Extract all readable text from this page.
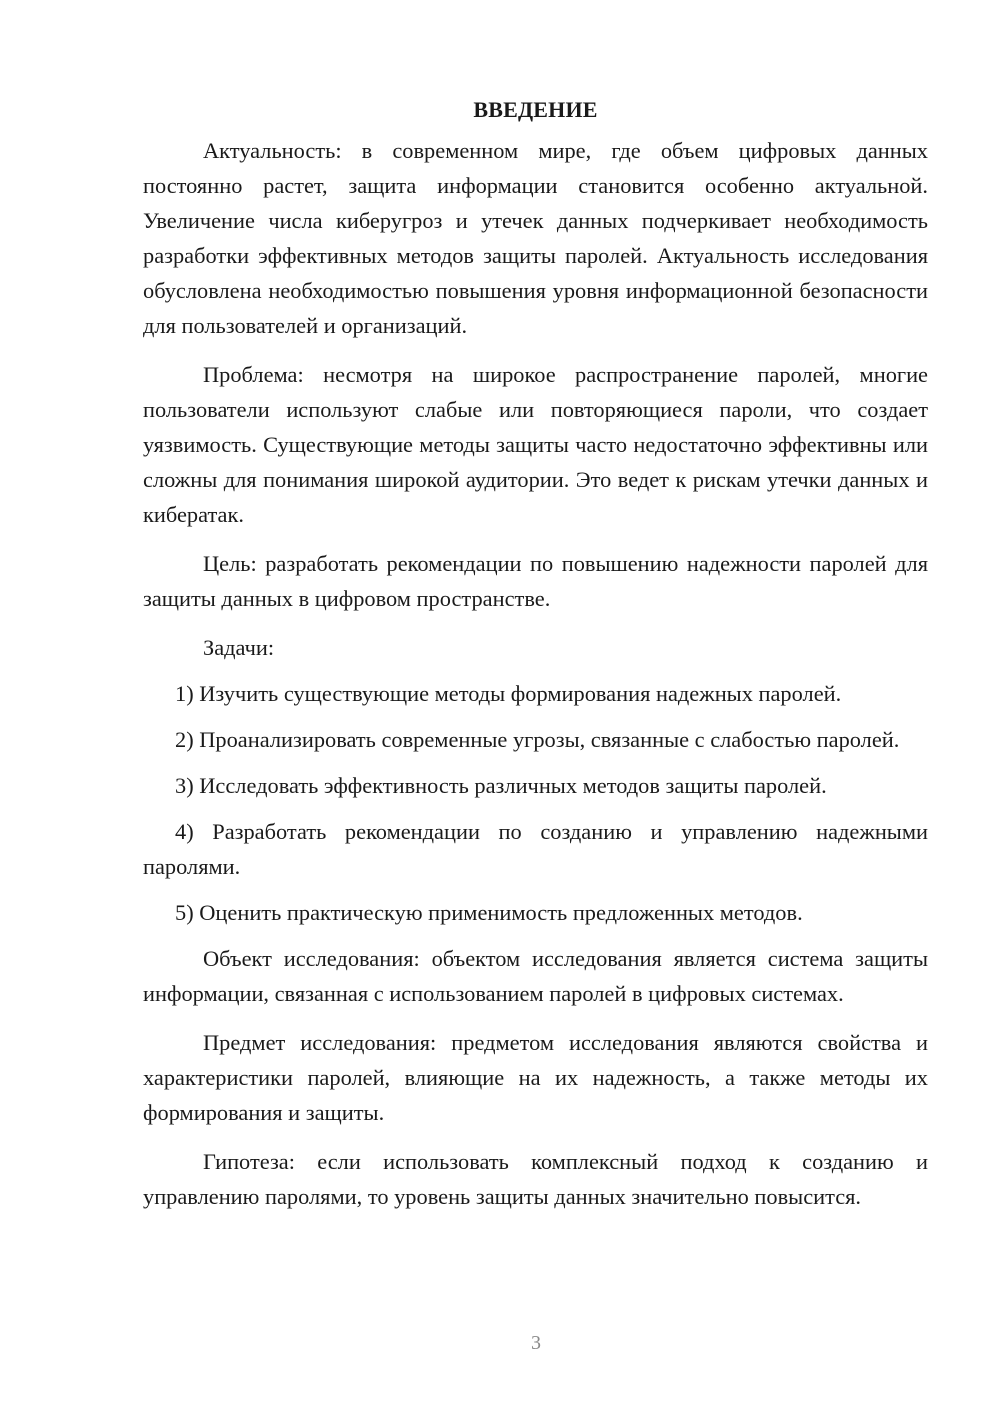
ВВЕДЕНИЕ

Актуальность: в современном мире, где объем цифровых данных постоянно растет, защита информации становится особенно актуальной. Увеличение числа киберугроз и утечек данных подчеркивает необходимость разработки эффективных методов защиты паролей. Актуальность исследования обусловлена необходимостью повышения уровня информационной безопасности для пользователей и организаций.

Проблема: несмотря на широкое распространение паролей, многие пользователи используют слабые или повторяющиеся пароли, что создает уязвимость. Существующие методы защиты часто недостаточно эффективны или сложны для понимания широкой аудитории. Это ведет к рискам утечки данных и кибератак.

Цель: разработать рекомендации по повышению надежности паролей для защиты данных в цифровом пространстве.

Задачи:

1) Изучить существующие методы формирования надежных паролей.

2) Проанализировать современные угрозы, связанные с слабостью паролей.

3) Исследовать эффективность различных методов защиты паролей.

4) Разработать рекомендации по созданию и управлению надежными паролями.

5) Оценить практическую применимость предложенных методов.

Объект исследования: объектом исследования является система защиты информации, связанная с использованием паролей в цифровых системах.

Предмет исследования: предметом исследования являются свойства и характеристики паролей, влияющие на их надежность, а также методы их формирования и защиты.

Гипотеза: если использовать комплексный подход к созданию и управлению паролями, то уровень защиты данных значительно повысится.

3
